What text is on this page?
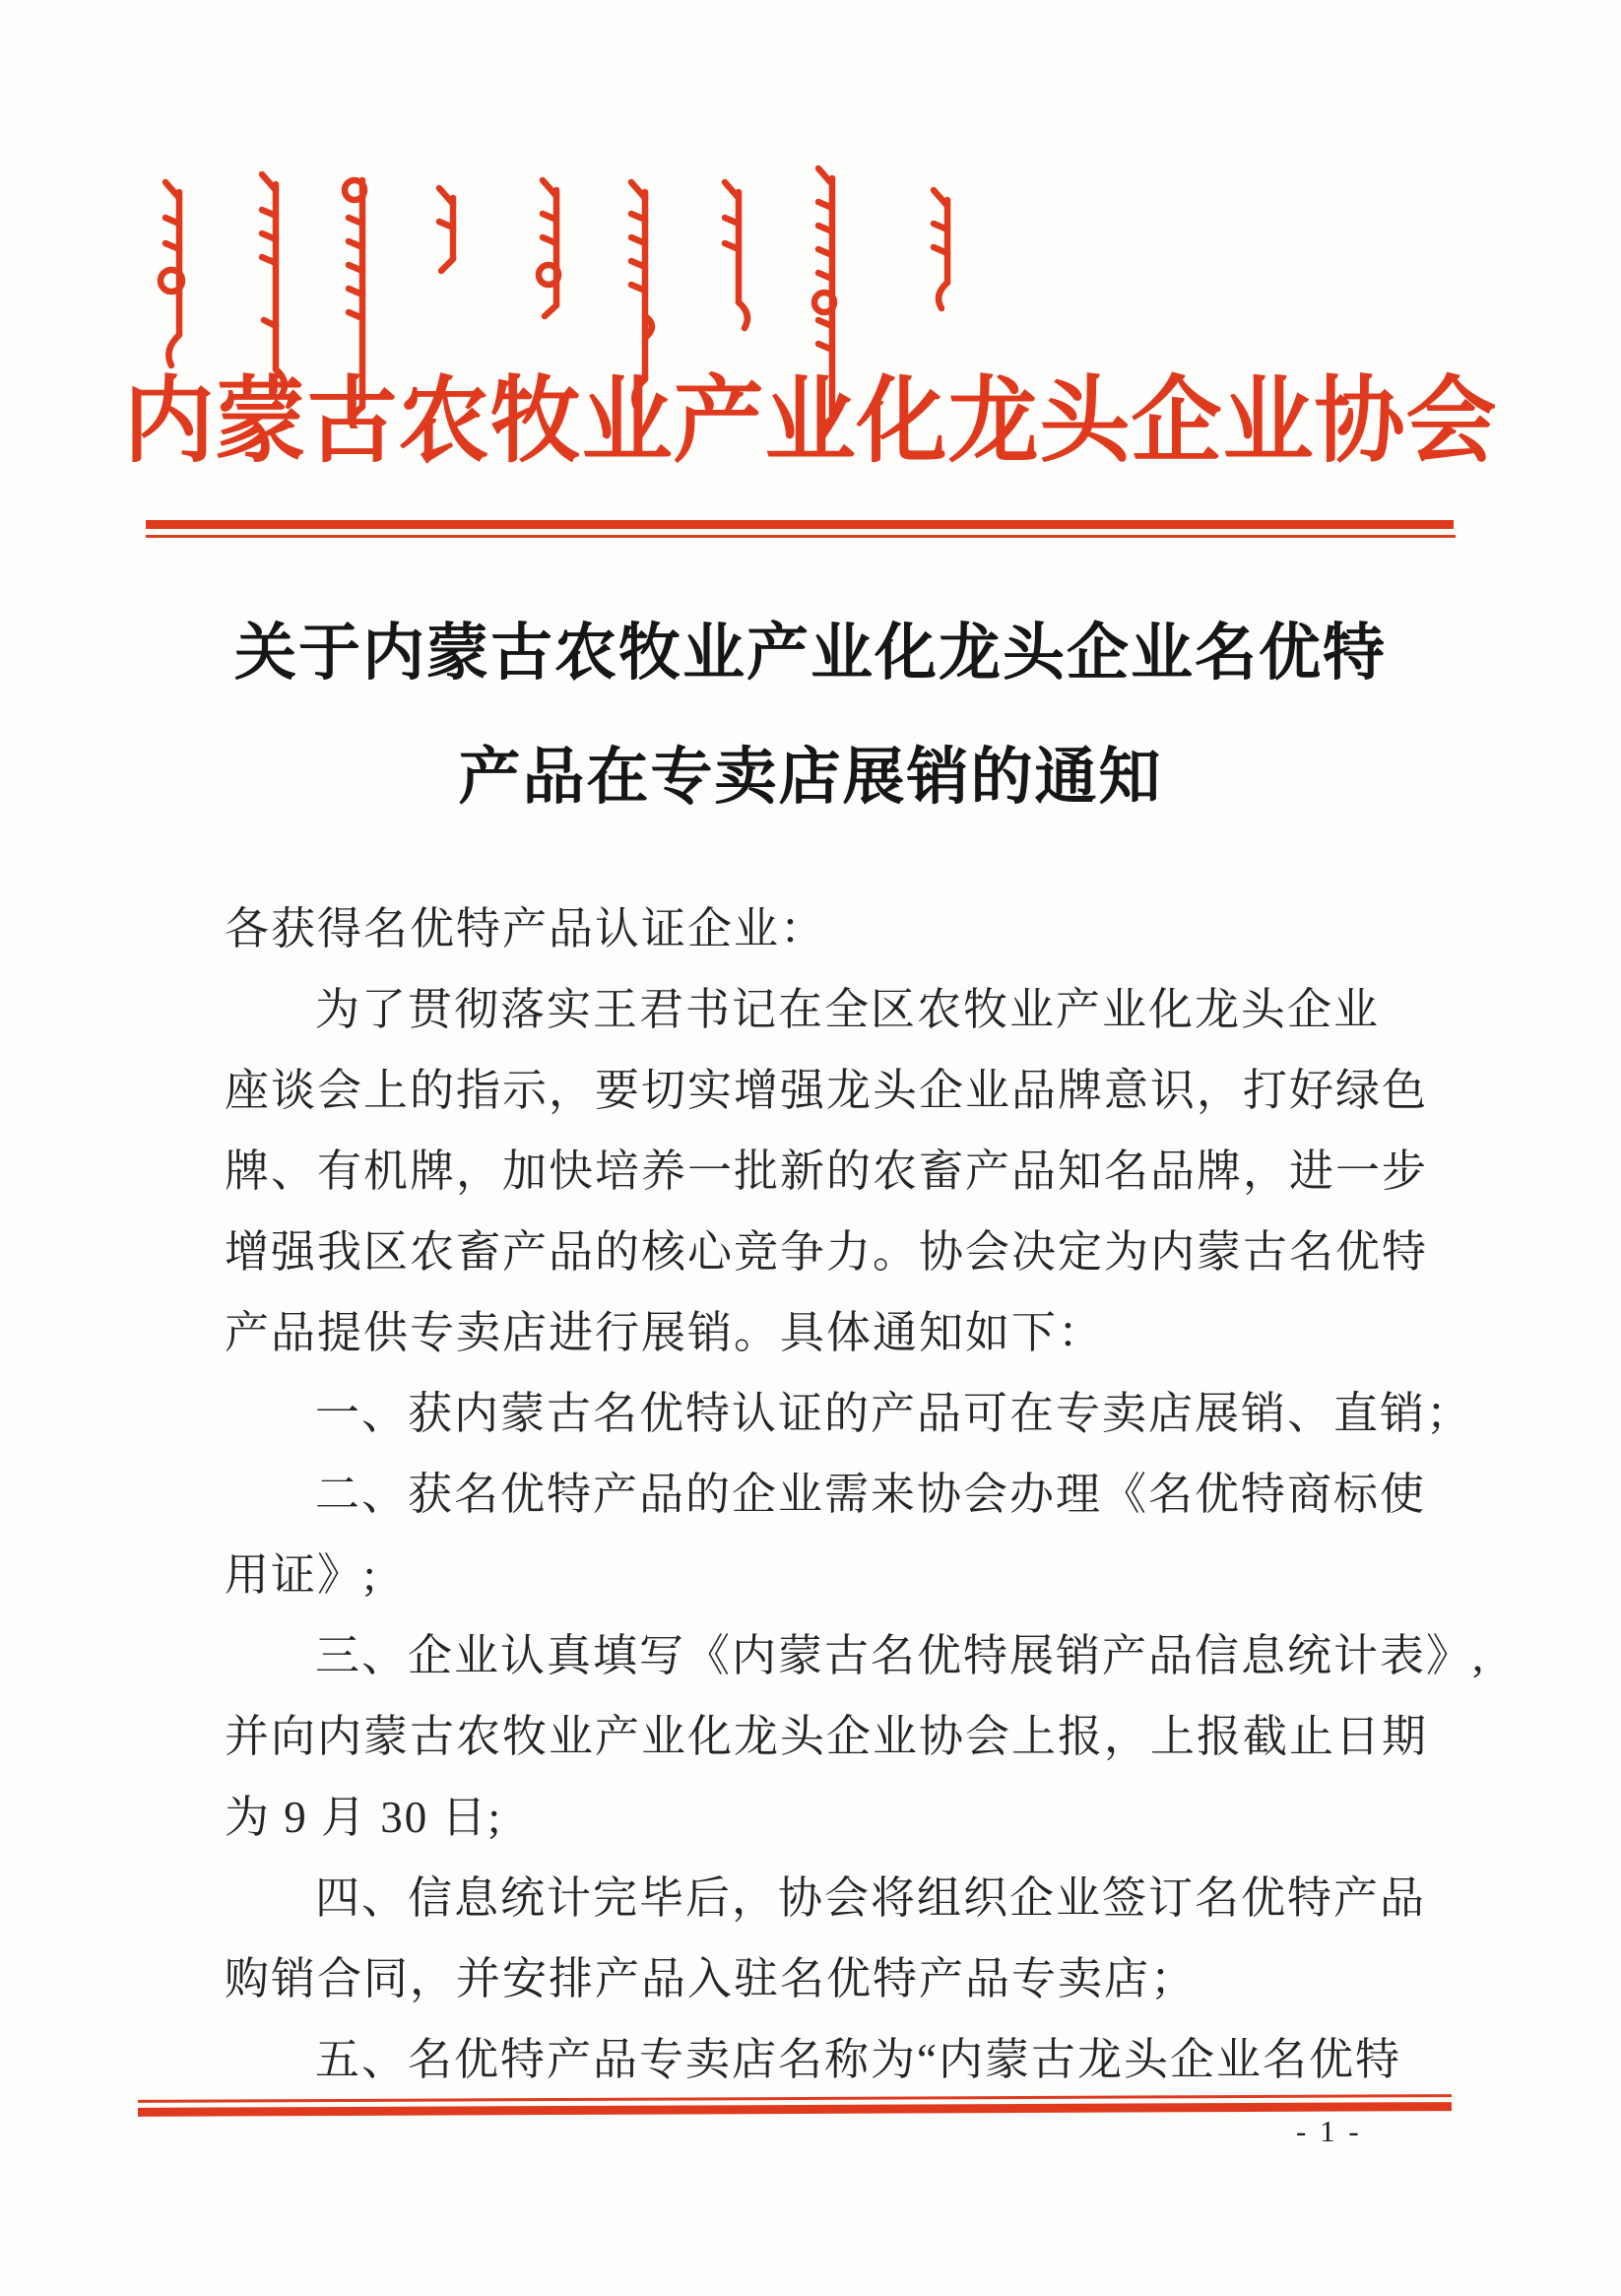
内蒙古农牧业产业化龙头企业协会
关于内蒙古农牧业产业化龙头企业名优特
产品在专卖店展销的通知
各获得名优特产品认证企业：
为了贯彻落实王君书记在全区农牧业产业化龙头企业
座谈会上的指示，要切实增强龙头企业品牌意识，打好绿色
牌、有机牌，加快培养一批新的农畜产品知名品牌，进一步
增强我区农畜产品的核心竞争力。协会决定为内蒙古名优特
产品提供专卖店进行展销。具体通知如下：
一、获内蒙古名优特认证的产品可在专卖店展销、直销；
二、获名优特产品的企业需来协会办理《名优特商标使
用证》;
三、企业认真填写《内蒙古名优特展销产品信息统计表》,
并向内蒙古农牧业产业化龙头企业协会上报，上报截止日期
为 9 月 30 日;
四、信息统计完毕后，协会将组织企业签订名优特产品
购销合同，并安排产品入驻名优特产品专卖店；
五、名优特产品专卖店名称为“内蒙古龙头企业名优特
- 1 -
